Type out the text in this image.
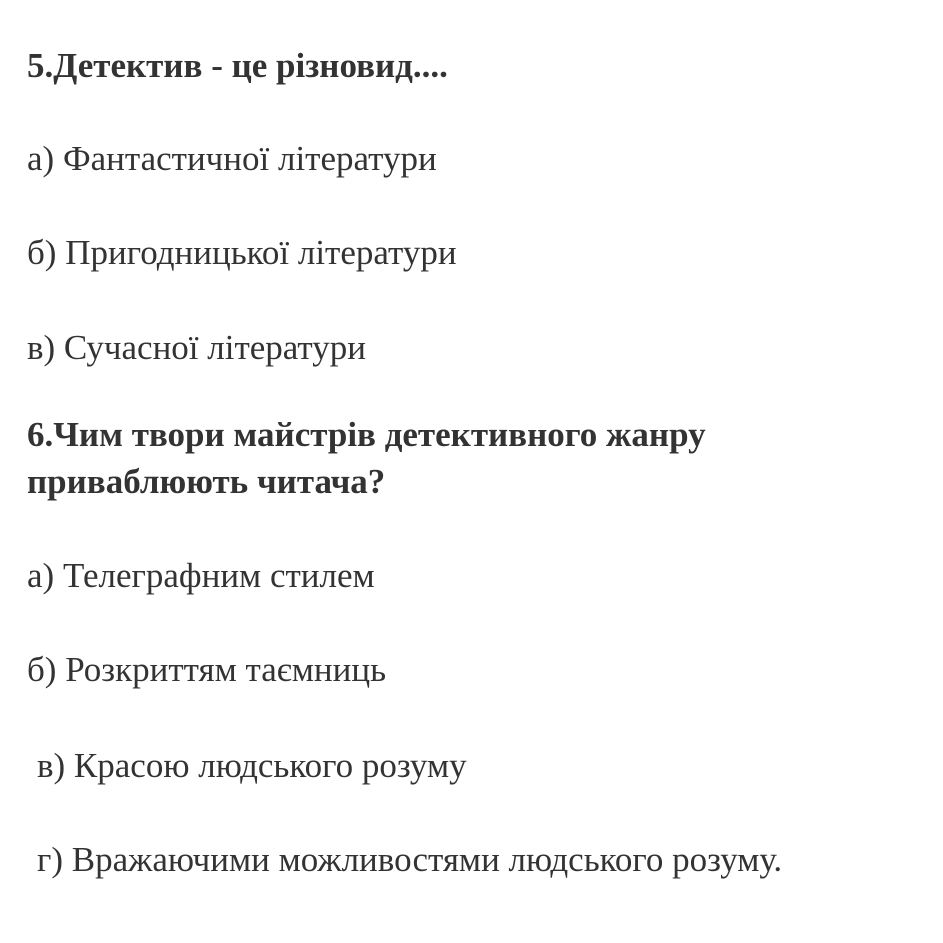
5.Детектив - це різновид....

а) Фантастичної літератури

б) Пригодницької літератури

в) Сучасної літератури

6.Чим твори майстрів детективного жанру

приваблюють читача?

а) Телеграфним стилем

б) Розкриттям таємниць

в) Красою людського розуму

г) Вражаючими можливостями людського розуму.
